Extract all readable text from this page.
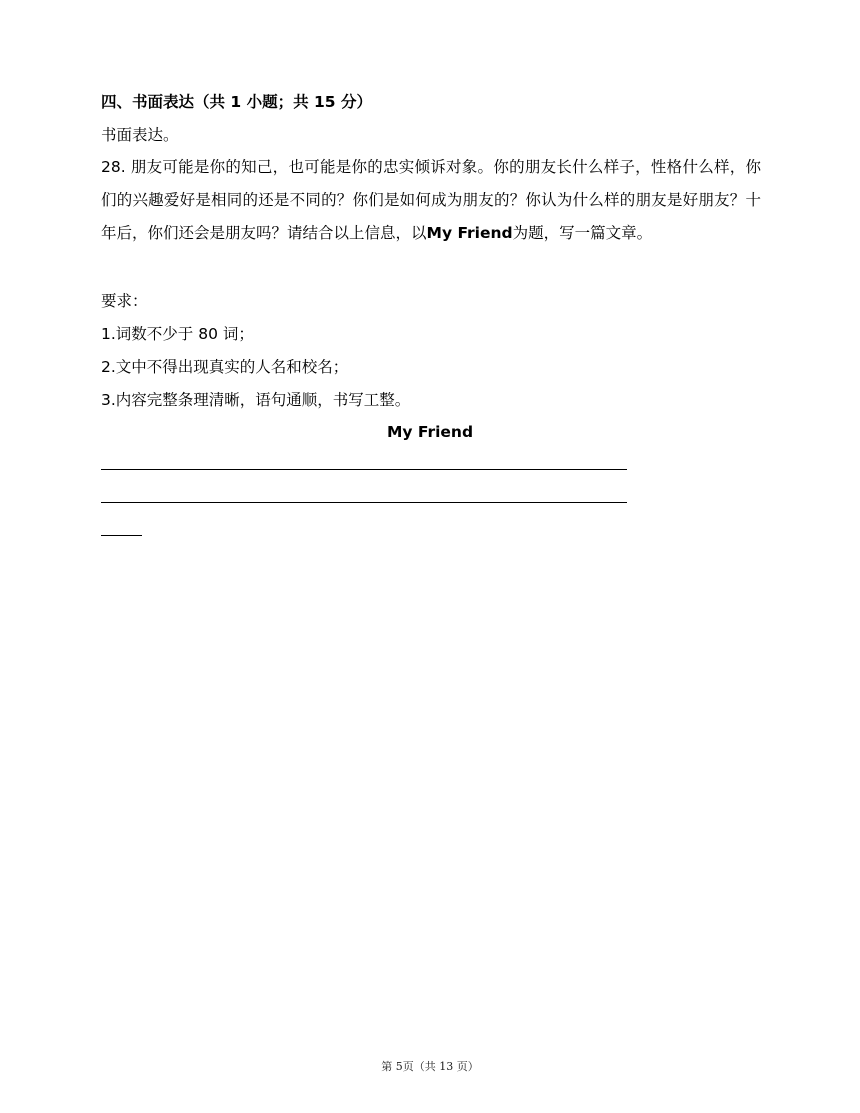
四、书面表达（共 1 小题；共 15 分）
书面表达。
28. 朋友可能是你的知己，也可能是你的忠实倾诉对象。你的朋友长什么样子，性格什么样，你们的兴趣爱好是相同的还是不同的？你们是如何成为朋友的？你认为什么样的朋友是好朋友？十年后，你们还会是朋友吗？请结合以上信息，以My Friend为题，写一篇文章。
要求：
1.词数不少于 80 词；
2.文中不得出现真实的人名和校名；
3.内容完整条理清晰，语句通顺，书写工整。
My Friend
第 5页（共 13 页）
